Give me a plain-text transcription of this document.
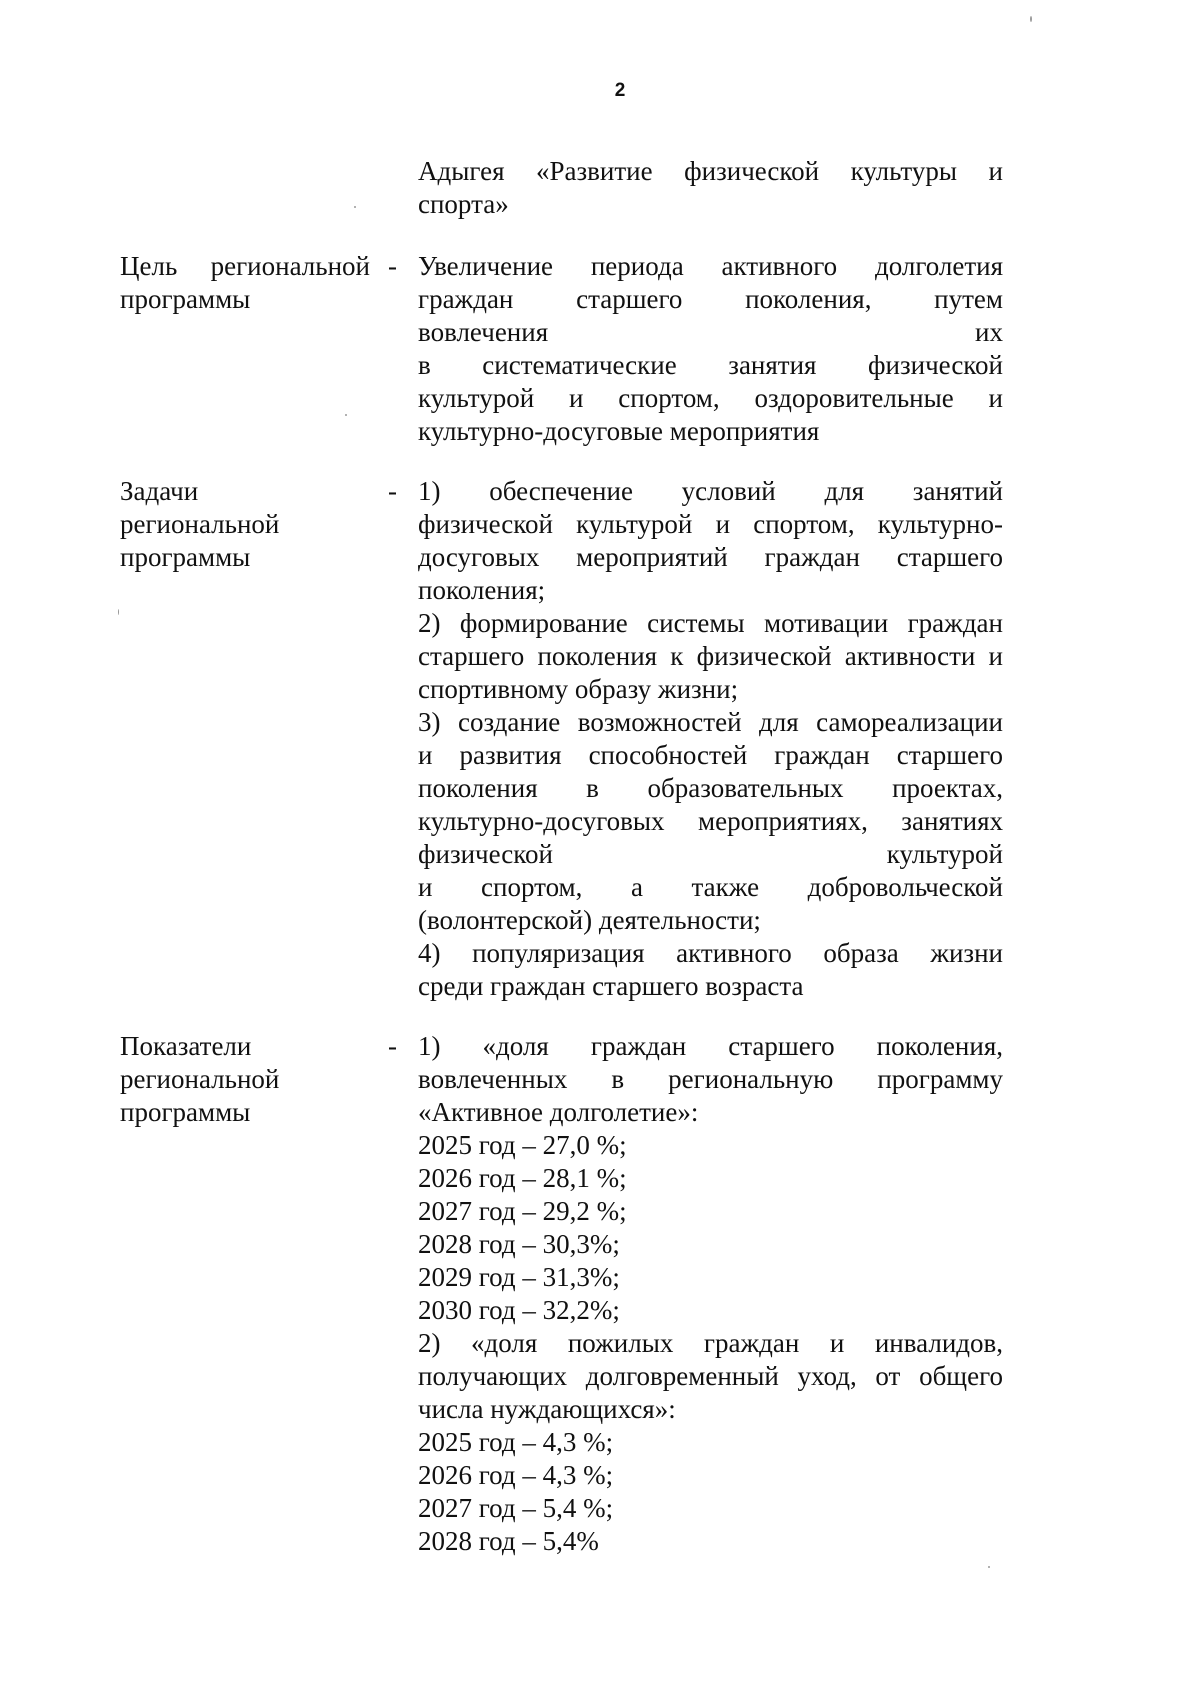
2
Адыгея «Развитие физической культуры и
спорта»
Цель региональной
программы
- Увеличение периода активного долголетия
граждан старшего поколения, путем
вовлечения их
в систематические занятия физической
культурой и спортом, оздоровительные и
культурно-досуговые мероприятия
Задачи
региональной
программы
- 1) обеспечение условий для занятий
физической культурой и спортом, культурно-
досуговых мероприятий граждан старшего
поколения;
2) формирование системы мотивации граждан
старшего поколения к физической активности и
спортивному образу жизни;
3) создание возможностей для самореализации
и развития способностей граждан старшего
поколения в образовательных проектах,
культурно-досуговых мероприятиях, занятиях
физической культурой
и спортом, а также добровольческой
(волонтерской) деятельности;
4) популяризация активного образа жизни
среди граждан старшего возраста
Показатели
региональной
программы
- 1) «доля граждан старшего поколения,
вовлеченных в региональную программу
«Активное долголетие»:
2025 год – 27,0 %;
2026 год – 28,1 %;
2027 год – 29,2 %;
2028 год – 30,3%;
2029 год – 31,3%;
2030 год – 32,2%;
2) «доля пожилых граждан и инвалидов,
получающих долговременный уход, от общего
числа нуждающихся»:
2025 год – 4,3 %;
2026 год – 4,3 %;
2027 год – 5,4 %;
2028 год – 5,4%
